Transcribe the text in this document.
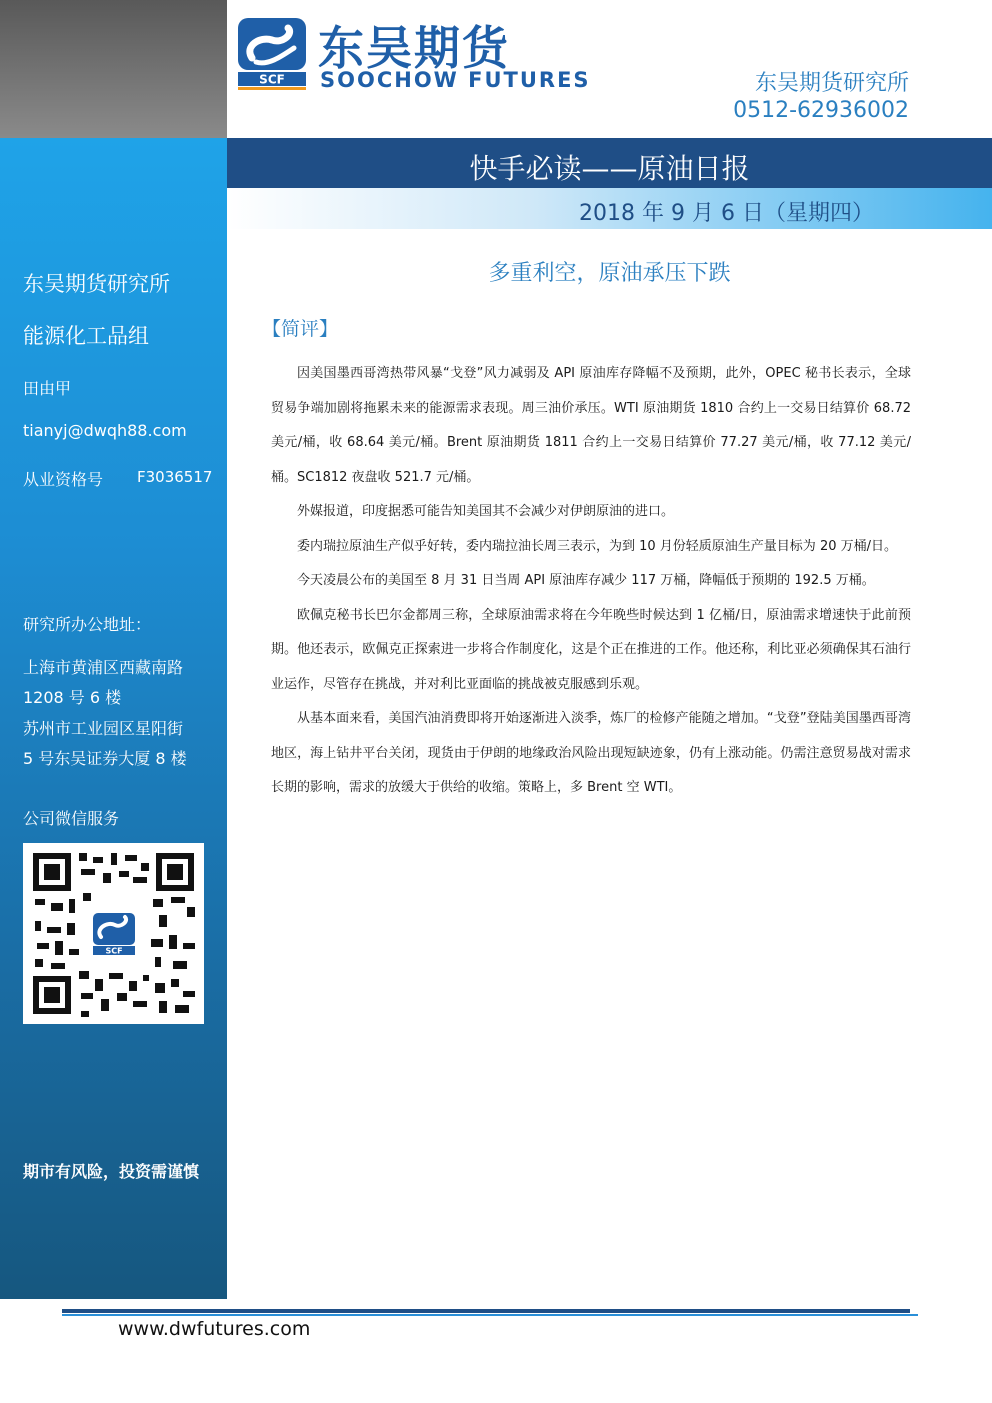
SCF
东吴期货
SOOCHOW FUTURES	东吴期货研究所
0512-62936002
快手必读——原油日报
2018 年 9 月 6 日（星期四）
东吴期货研究所
能源化工品组
田由甲
tianyj@dwqh88.com
从业资格号 F3036517
研究所办公地址：
上海市黄浦区西藏南路
1208 号 6 楼
苏州市工业园区星阳街
5 号东吴证券大厦 8 楼
公司微信服务
SCF
期市有风险，投资需谨慎
多重利空，原油承压下跌
【简评】

因美国墨西哥湾热带风暴“戈登”风力减弱及 API 原油库存降幅不及预期，此外，OPEC 秘书长表示，全球贸易争端加剧将拖累未来的能源需求表现。周三油价承压。WTI 原油期货 1810 合约上一交易日结算价 68.72 美元/桶，收 68.64 美元/桶。Brent 原油期货 1811 合约上一交易日结算价 77.27 美元/桶，收 77.12 美元/桶。SC1812 夜盘收 521.7 元/桶。

外媒报道，印度据悉可能告知美国其不会减少对伊朗原油的进口。

委内瑞拉原油生产似乎好转，委内瑞拉油长周三表示，为到 10 月份轻质原油生产量目标为 20 万桶/日。

今天凌晨公布的美国至 8 月 31 日当周 API 原油库存减少 117 万桶，降幅低于预期的 192.5 万桶。

欧佩克秘书长巴尔金都周三称，全球原油需求将在今年晚些时候达到 1 亿桶/日，原油需求增速快于此前预期。他还表示，欧佩克正探索进一步将合作制度化，这是个正在推进的工作。他还称，利比亚必须确保其石油行业运作，尽管存在挑战，并对利比亚面临的挑战被克服感到乐观。

从基本面来看，美国汽油消费即将开始逐渐进入淡季，炼厂的检修产能随之增加。“戈登”登陆美国墨西哥湾地区，海上钻井平台关闭，现货由于伊朗的地缘政治风险出现短缺迹象，仍有上涨动能。仍需注意贸易战对需求长期的影响，需求的放缓大于供给的收缩。策略上，多 Brent 空 WTI。

www.dwfutures.com
